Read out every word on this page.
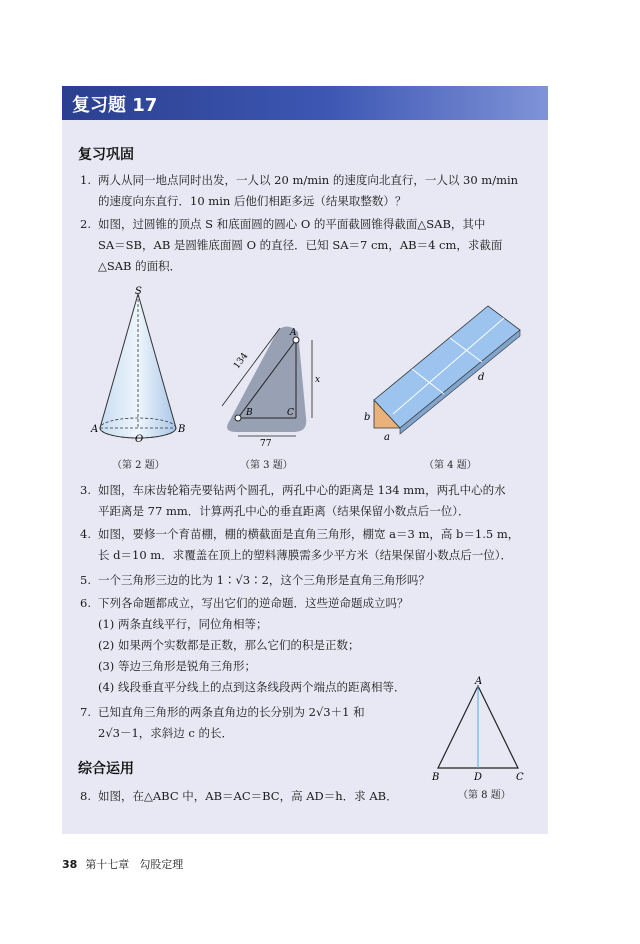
复习题 17
复习巩固
1. 两人从同一地点同时出发，一人以 20 m/min 的速度向北直行，一人以 30 m/min
的速度向东直行．10 min 后他们相距多远（结果取整数）？
2. 如图，过圆锥的顶点 S 和底面圆的圆心 O 的平面截圆锥得截面△SAB，其中
SA＝SB，AB 是圆锥底面圆 O 的直径．已知 SA＝7 cm，AB＝4 cm，求截面
△SAB 的面积．
S
A
O
B
（第 2 题）
134
x
A
B	C
77
（第 3 题）
d
b
a
（第 4 题）
3. 如图，车床齿轮箱壳要钻两个圆孔，两孔中心的距离是 134 mm，两孔中心的水
平距离是 77 mm．计算两孔中心的垂直距离（结果保留小数点后一位）．
4. 如图，要修一个育苗棚，棚的横截面是直角三角形，棚宽 a＝3 m，高 b＝1.5 m，
长 d＝10 m．求覆盖在顶上的塑料薄膜需多少平方米（结果保留小数点后一位）．
5. 一个三角形三边的比为 1∶√3∶2，这个三角形是直角三角形吗？
6. 下列各命题都成立，写出它们的逆命题．这些逆命题成立吗？
(1) 两条直线平行，同位角相等；
(2) 如果两个实数都是正数，那么它们的积是正数；
(3) 等边三角形是锐角三角形；
(4) 线段垂直平分线上的点到这条线段两个端点的距离相等．
7. 已知直角三角形的两条直角边的长分别为 2√3＋1 和
2√3－1，求斜边 c 的长．
A
B	D	C
（第 8 题）
综合运用
8. 如图，在△ABC 中，AB＝AC＝BC，高 AD＝h．求 AB．
38 第十七章 勾股定理
